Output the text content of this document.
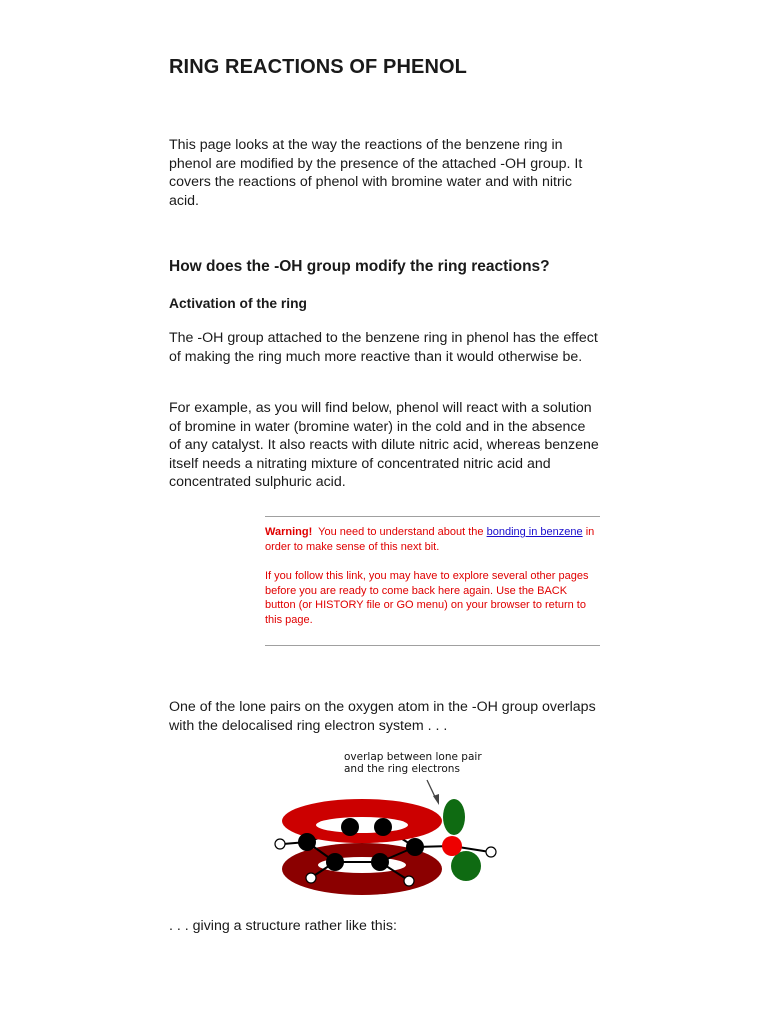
RING REACTIONS OF PHENOL

This page looks at the way the reactions of the benzene ring in phenol are modified by the presence of the attached -OH group. It covers the reactions of phenol with bromine water and with nitric acid.

How does the -OH group modify the ring reactions?
Activation of the ring

The -OH group attached to the benzene ring in phenol has the effect of making the ring much more reactive than it would otherwise be.

For example, as you will find below, phenol will react with a solution of bromine in water (bromine water) in the cold and in the absence of any catalyst. It also reacts with dilute nitric acid, whereas benzene itself needs a nitrating mixture of concentrated nitric acid and concentrated sulphuric acid.

Warning! You need to understand about the bonding in benzene in order to make sense of this next bit.

If you follow this link, you may have to explore several other pages before you are ready to come back here again. Use the BACK button (or HISTORY file or GO menu) on your browser to return to this page.

One of the lone pairs on the oxygen atom in the -OH group overlaps with the delocalised ring electron system . . .

. . . giving a structure rather like this:

overlap between lone pair
and the ring electrons
